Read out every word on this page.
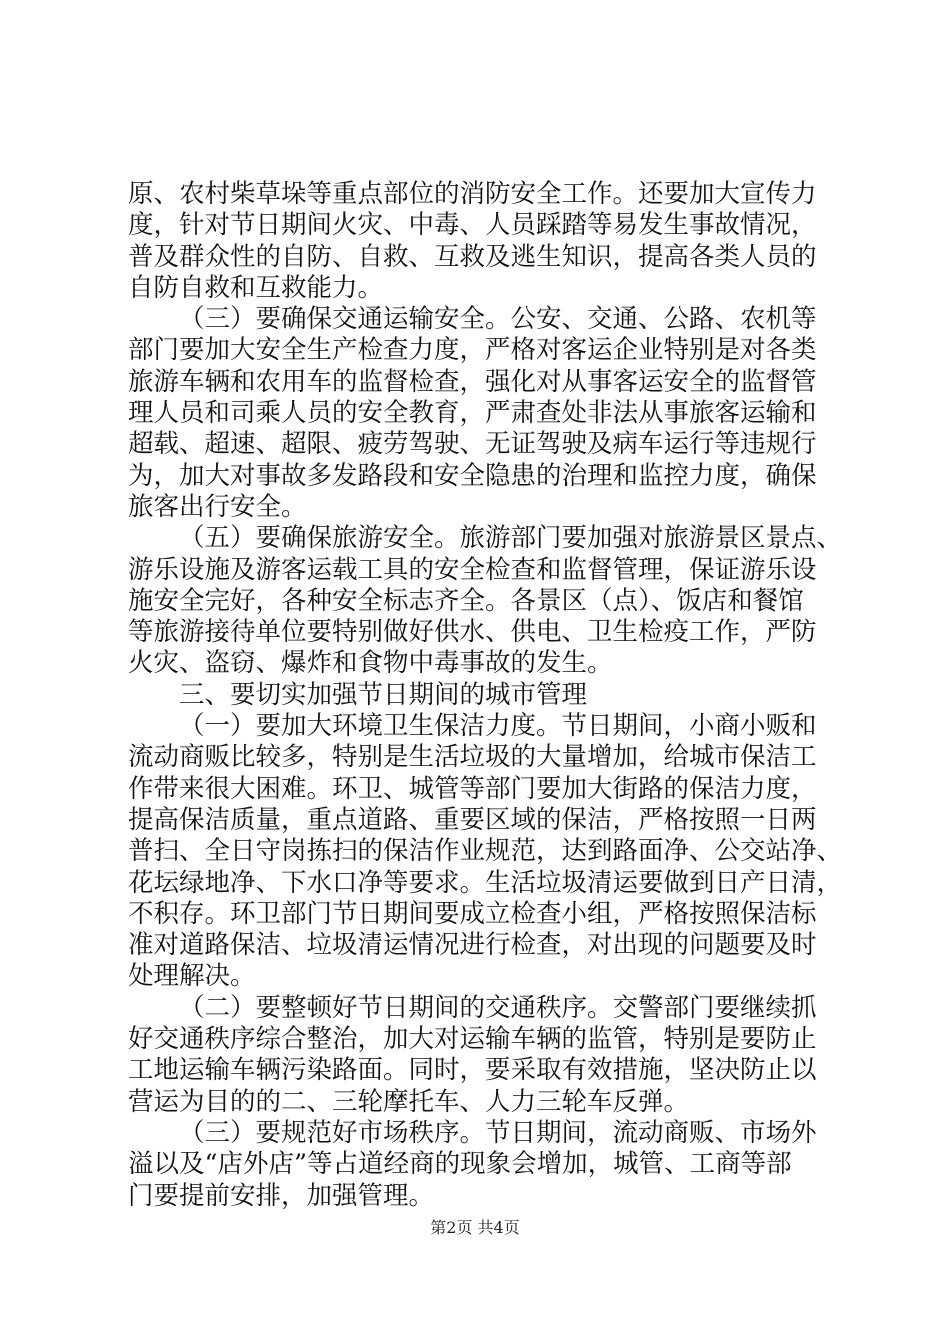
原、农村柴草垛等重点部位的消防安全工作。还要加大宣传力
度，针对节日期间火灾、中毒、人员踩踏等易发生事故情况，
普及群众性的自防、自救、互救及逃生知识，提高各类人员的
自防自救和互救能力。
（三）要确保交通运输安全。公安、交通、公路、农机等
部门要加大安全生产检查力度，严格对客运企业特别是对各类
旅游车辆和农用车的监督检查，强化对从事客运安全的监督管
理人员和司乘人员的安全教育，严肃查处非法从事旅客运输和
超载、超速、超限、疲劳驾驶、无证驾驶及病车运行等违规行
为，加大对事故多发路段和安全隐患的治理和监控力度，确保
旅客出行安全。
（五）要确保旅游安全。旅游部门要加强对旅游景区景点、
游乐设施及游客运载工具的安全检查和监督管理，保证游乐设
施安全完好，各种安全标志齐全。各景区（点）、饭店和餐馆
等旅游接待单位要特别做好供水、供电、卫生检疫工作，严防
火灾、盗窃、爆炸和食物中毒事故的发生。
三、要切实加强节日期间的城市管理
（一）要加大环境卫生保洁力度。节日期间，小商小贩和
流动商贩比较多，特别是生活垃圾的大量增加，给城市保洁工
作带来很大困难。环卫、城管等部门要加大街路的保洁力度，
提高保洁质量，重点道路、重要区域的保洁，严格按照一日两
普扫、全日守岗拣扫的保洁作业规范，达到路面净、公交站净、
花坛绿地净、下水口净等要求。生活垃圾清运要做到日产日清，
不积存。环卫部门节日期间要成立检查小组，严格按照保洁标
准对道路保洁、垃圾清运情况进行检查，对出现的问题要及时
处理解决。
（二）要整顿好节日期间的交通秩序。交警部门要继续抓
好交通秩序综合整治，加大对运输车辆的监管，特别是要防止
工地运输车辆污染路面。同时，要采取有效措施，坚决防止以
营运为目的的二、三轮摩托车、人力三轮车反弹。
（三）要规范好市场秩序。节日期间，流动商贩、市场外
溢以及“店外店”等占道经商的现象会增加，城管、工商等部
门要提前安排，加强管理。
第2页 共4页
